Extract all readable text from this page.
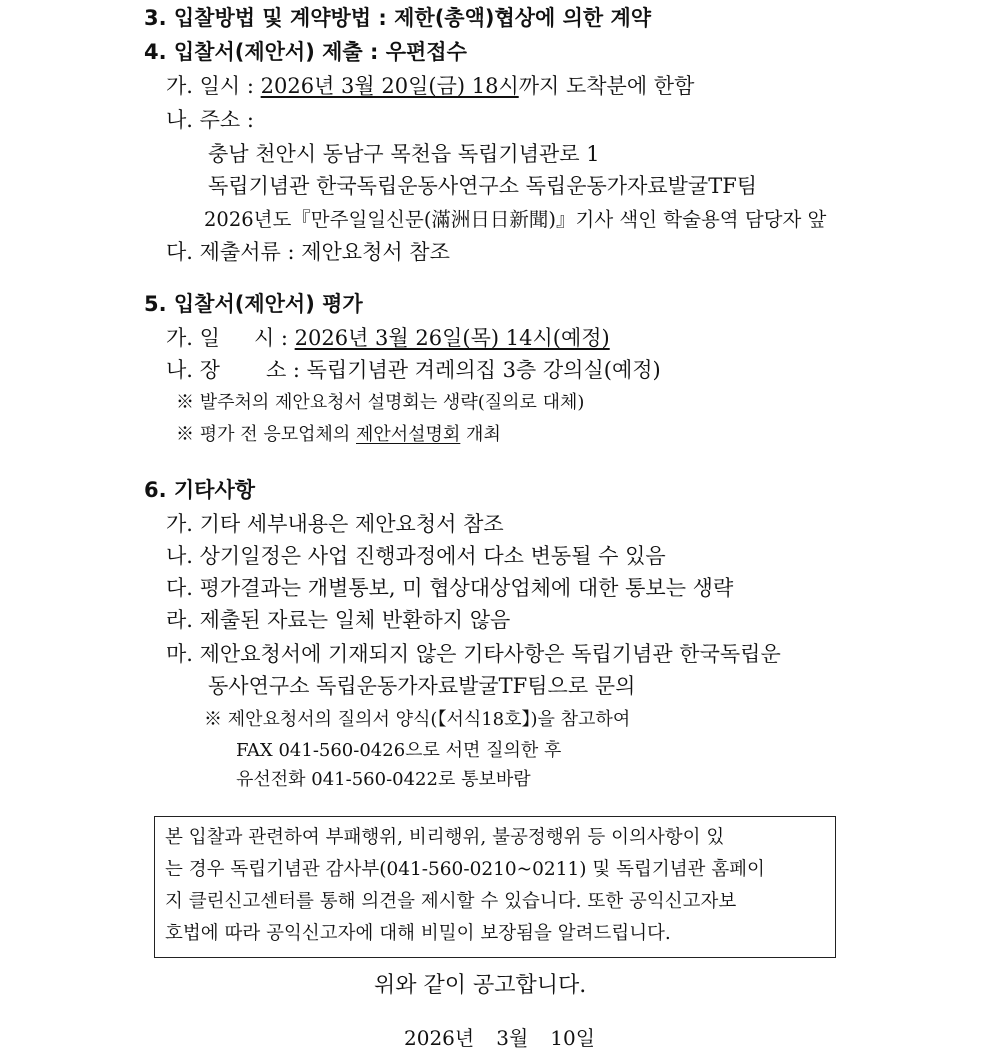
3. 입찰방법 및 계약방법 : 제한(총액)협상에 의한 계약
4. 입찰서(제안서) 제출 : 우편접수
가. 일시 : 2026년 3월 20일(금) 18시까지 도착분에 한함
나. 주소 :
충남 천안시 동남구 목천읍 독립기념관로 1
독립기념관 한국독립운동사연구소 독립운동가자료발굴TF팀
2026년도『만주일일신문(滿洲日日新聞)』기사 색인 학술용역 담당자 앞
다. 제출서류 : 제안요청서 참조
5. 입찰서(제안서) 평가
가. 일 시 : 2026년 3월 26일(목) 14시(예정)
나. 장 소 : 독립기념관 겨레의집 3층 강의실(예정)
※ 발주처의 제안요청서 설명회는 생략(질의로 대체)
※ 평가 전 응모업체의 제안서설명회 개최
6. 기타사항
가. 기타 세부내용은 제안요청서 참조
나. 상기일정은 사업 진행과정에서 다소 변동될 수 있음
다. 평가결과는 개별통보, 미 협상대상업체에 대한 통보는 생략
라. 제출된 자료는 일체 반환하지 않음
마. 제안요청서에 기재되지 않은 기타사항은 독립기념관 한국독립운
동사연구소 독립운동가자료발굴TF팀으로 문의
※ 제안요청서의 질의서 양식(【서식18호】)을 참고하여
FAX 041-560-0426으로 서면 질의한 후
유선전화 041-560-0422로 통보바람
본 입찰과 관련하여 부패행위, 비리행위, 불공정행위 등 이의사항이 있
는 경우 독립기념관 감사부(041-560-0210~0211) 및 독립기념관 홈페이
지 클린신고센터를 통해 의견을 제시할 수 있습니다. 또한 공익신고자보
호법에 따라 공익신고자에 대해 비밀이 보장됨을 알려드립니다.
위와 같이 공고합니다.
2026년 3월 10일
